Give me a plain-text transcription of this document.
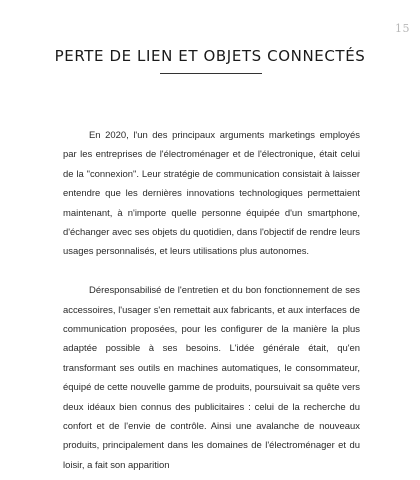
15
PERTE DE LIEN ET OBJETS CONNECTÉS

En 2020, l'un des principaux arguments marketings employés par les entreprises de l'électroménager et de l'électronique, était celui de la "connexion". Leur stratégie de communication consistait à laisser entendre que les dernières innovations technologiques permettaient maintenant, à n'importe quelle personne équipée d'un smartphone, d'échanger avec ses objets du quotidien, dans l'objectif de rendre leurs usages personnalisés, et leurs utilisations plus autonomes.

Déresponsabilisé de l'entretien et du bon fonctionnement de ses accessoires, l'usager s'en remettait aux fabricants, et aux interfaces de communication proposées, pour les configurer de la manière la plus adaptée possible à ses besoins. L'idée générale était, qu'en transformant ses outils en machines automatiques, le consommateur, équipé de cette nouvelle gamme de produits, poursuivait sa quête vers deux idéaux bien connus des publicitaires : celui de la recherche du confort et de l'envie de contrôle. Ainsi une avalanche de nouveaux produits, principalement dans les domaines de l'électroménager et du loisir, a fait son apparition
